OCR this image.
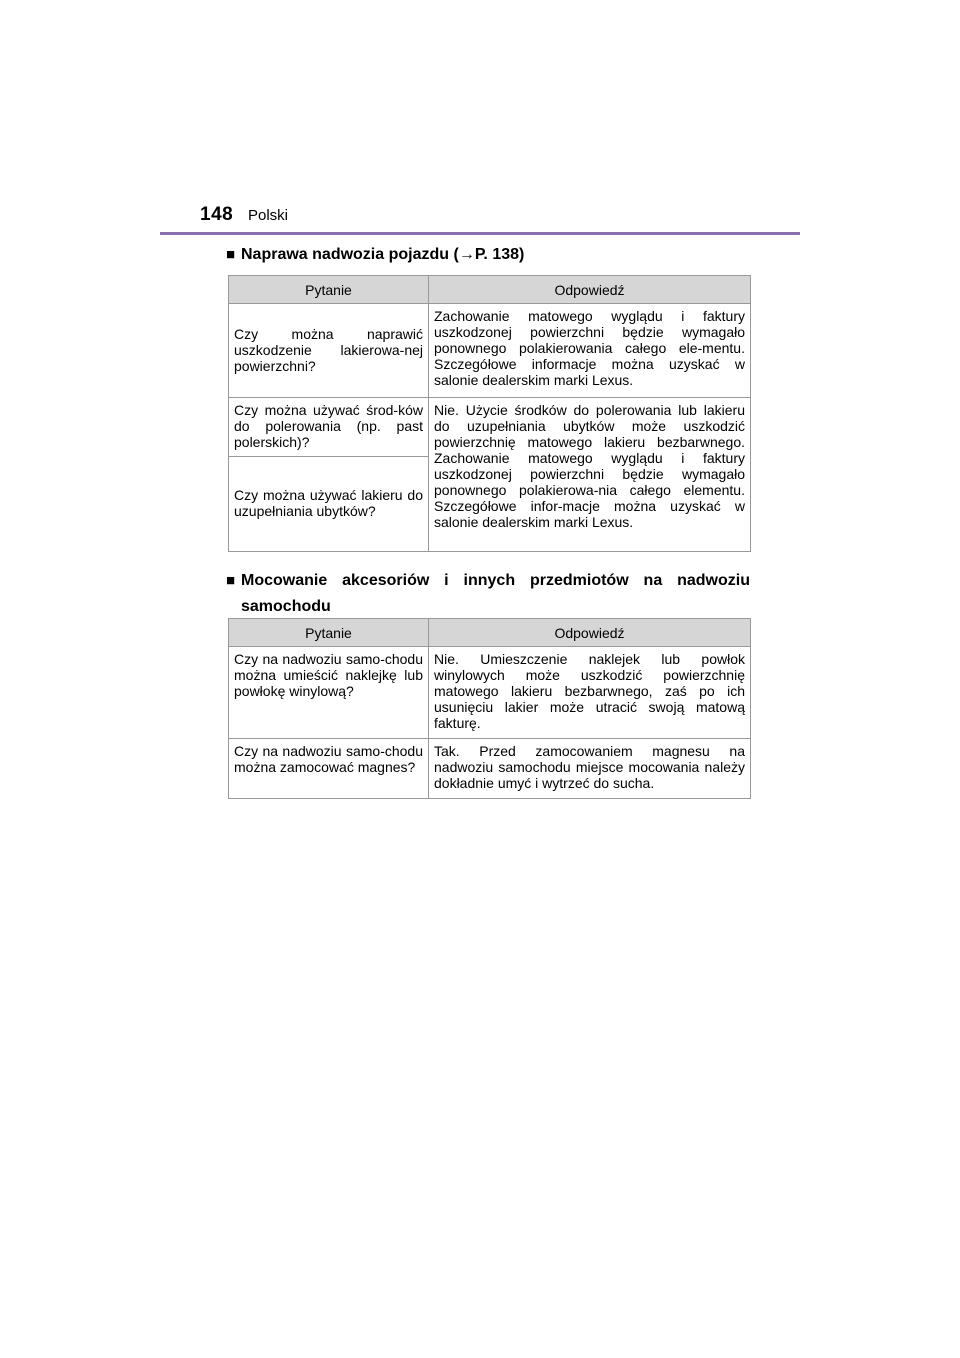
148 Polski
■ Naprawa nadwozia pojazdu (→P. 138)
Pytanie	Odpowiedź
Czy można naprawić uszkodzenie lakierowa-nej powierzchni?	Zachowanie matowego wyglądu i faktury uszkodzonej powierzchni będzie wymagało ponownego polakierowania całego ele-mentu. Szczegółowe informacje można uzyskać w salonie dealerskim marki Lexus.
Czy można używać środ-ków do polerowania (np. past polerskich)?	Nie. Użycie środków do polerowania lub lakieru do uzupełniania ubytków może uszkodzić powierzchnię matowego lakieru bezbarwnego. Zachowanie matowego wyglądu i faktury uszkodzonej powierzchni będzie wymagało ponownego polakierowa-nia całego elementu. Szczegółowe infor-macje można uzyskać w salonie dealerskim marki Lexus.
Czy można używać lakieru do uzupełniania ubytków?	
■ Mocowanie akcesoriów i innych przedmiotów na nadwoziu samochodu
Pytanie	Odpowiedź
Czy na nadwoziu samo-chodu można umieścić naklejkę lub powłokę winylową?	Nie. Umieszczenie naklejek lub powłok winylowych może uszkodzić powierzchnię matowego lakieru bezbarwnego, zaś po ich usunięciu lakier może utracić swoją matową fakturę.
Czy na nadwoziu samo-chodu można zamocować magnes?	Tak. Przed zamocowaniem magnesu na nadwoziu samochodu miejsce mocowania należy dokładnie umyć i wytrzeć do sucha.
